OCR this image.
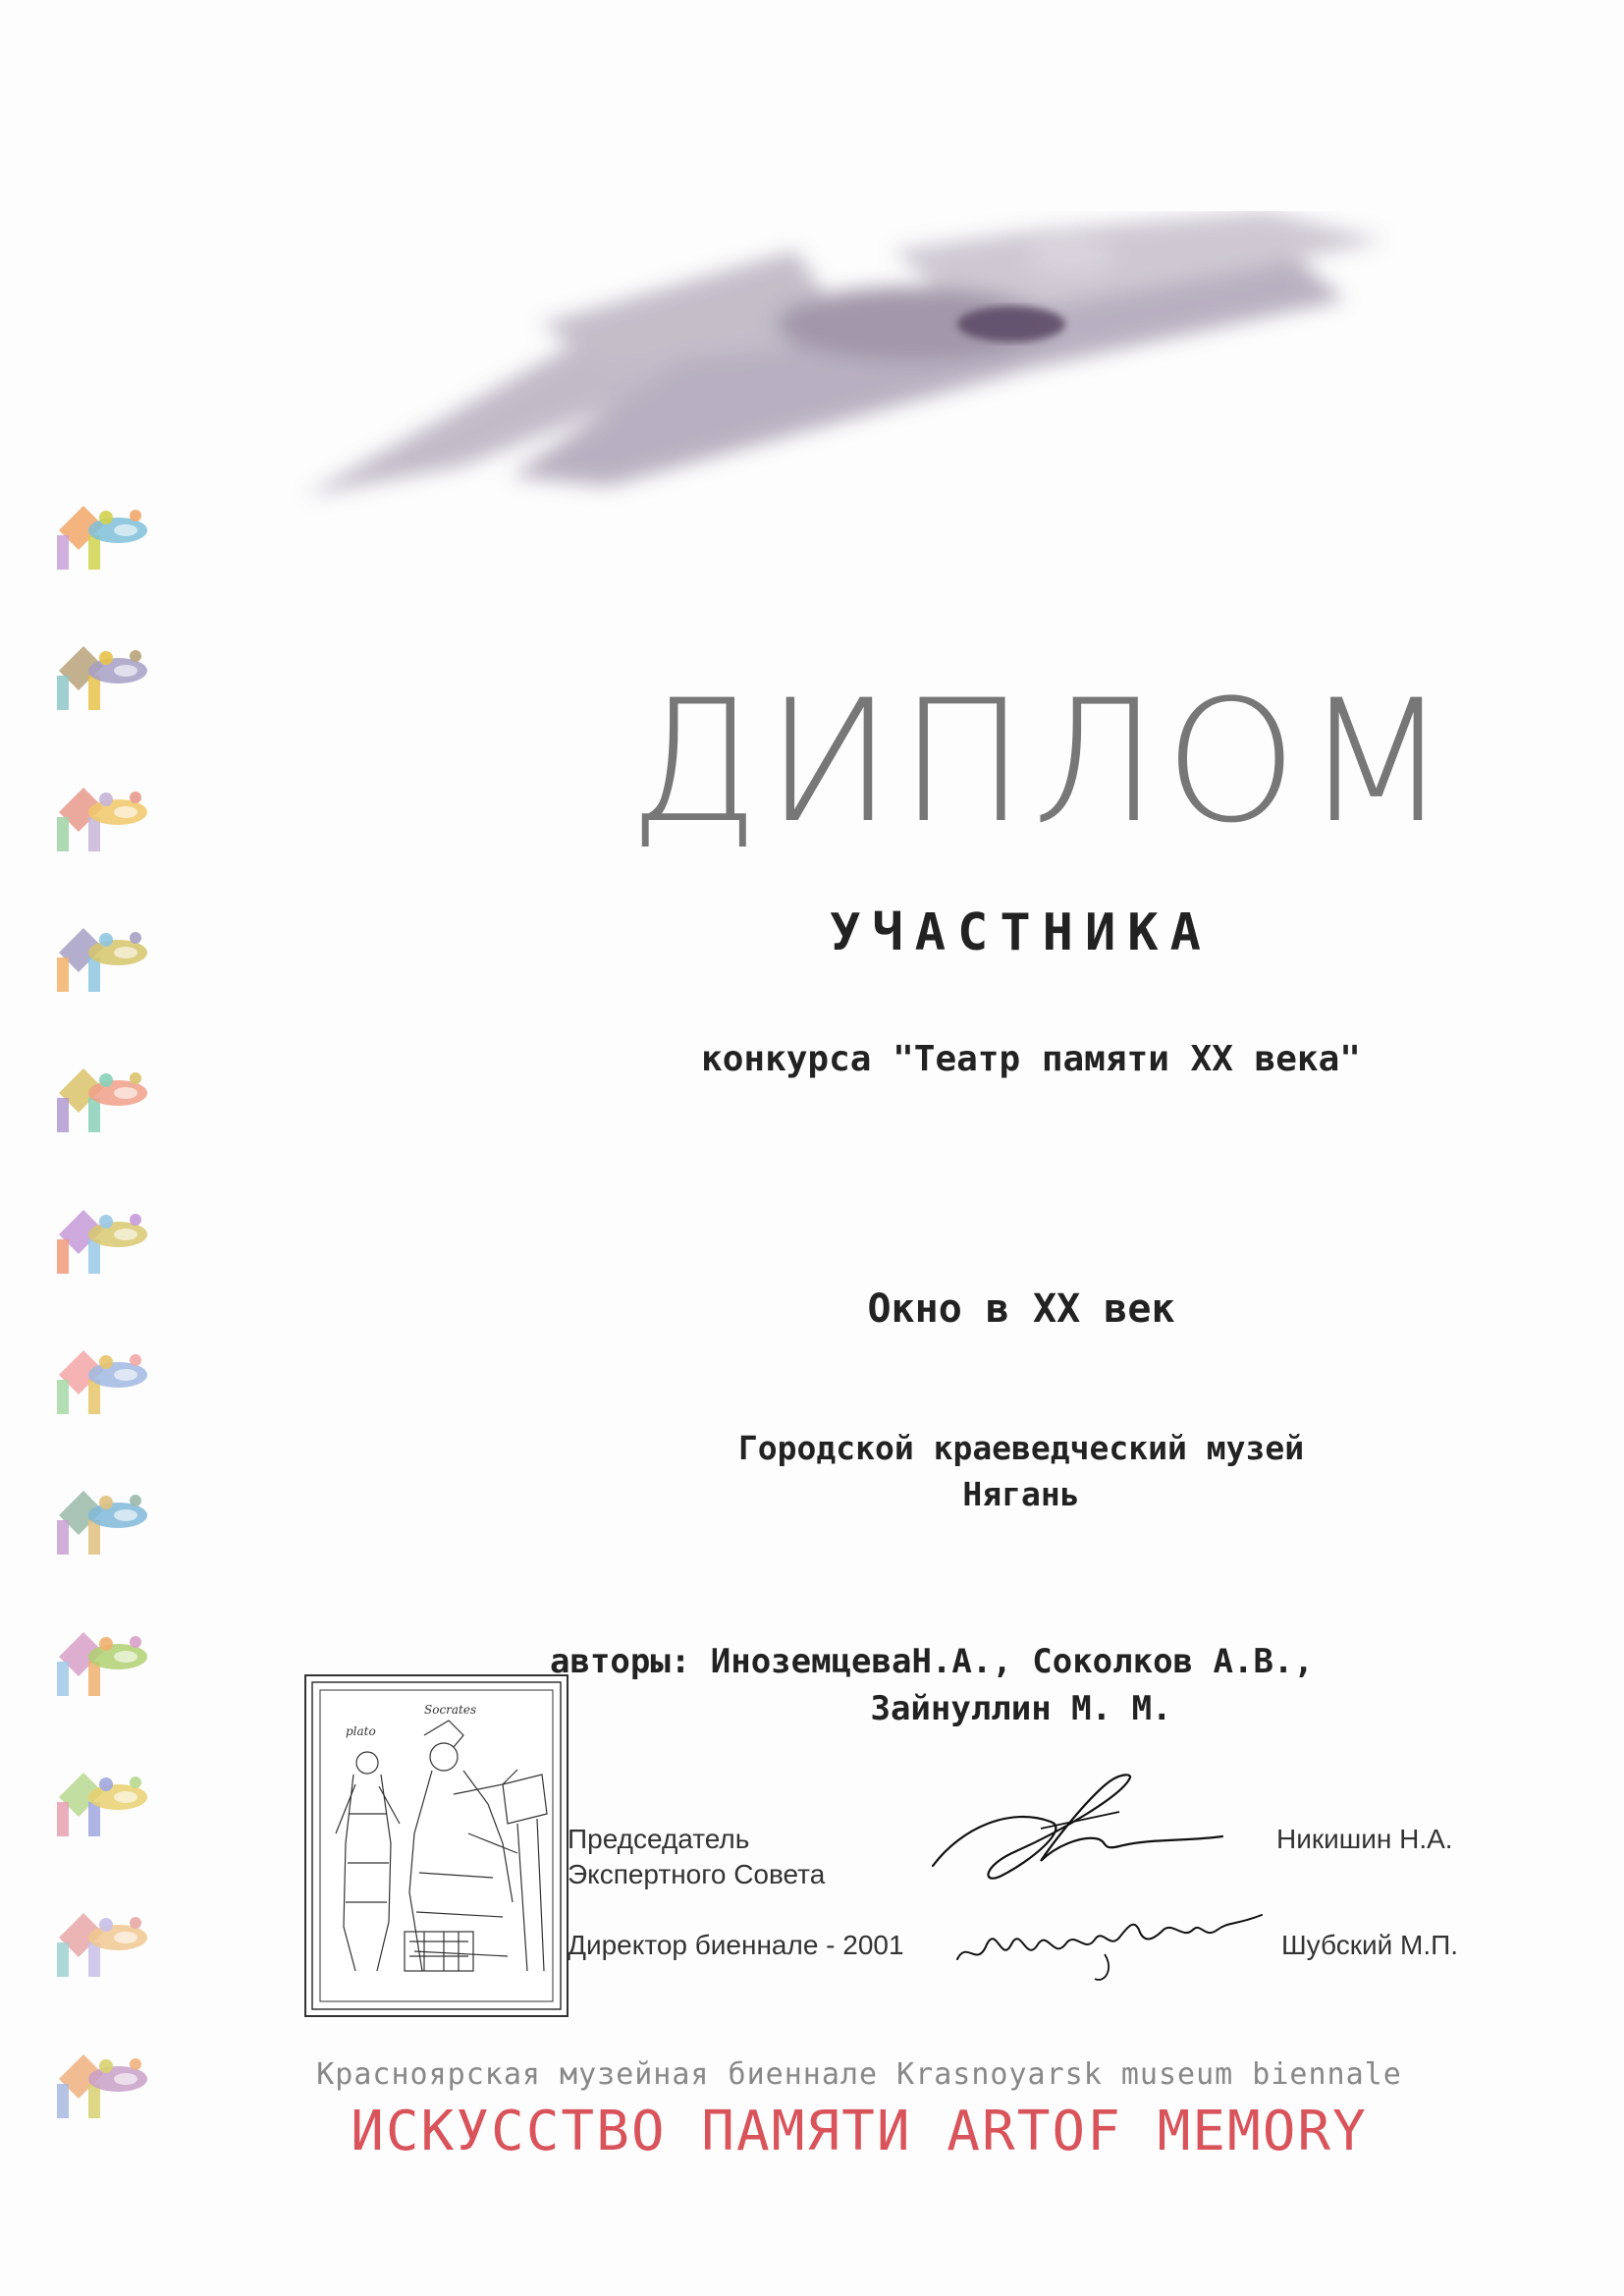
ДИПЛОМ
УЧАСТНИКА
конкурса "Театр памяти XX века"
Окно в XX век
Городской краеведческий музей
Нягань
авторы: ИноземцеваН.А., Соколков А.В.,
Зайнуллин М. М.
plato
Socrates
Председатель
Экспертного Совета
Никишин Н.А.
Директор биеннале - 2001	Шубский М.П.
Красноярская музейная биеннале Krasnoyarsk museum biennale
ИСКУССТВО ПАМЯТИ ARTOF MEMORY
